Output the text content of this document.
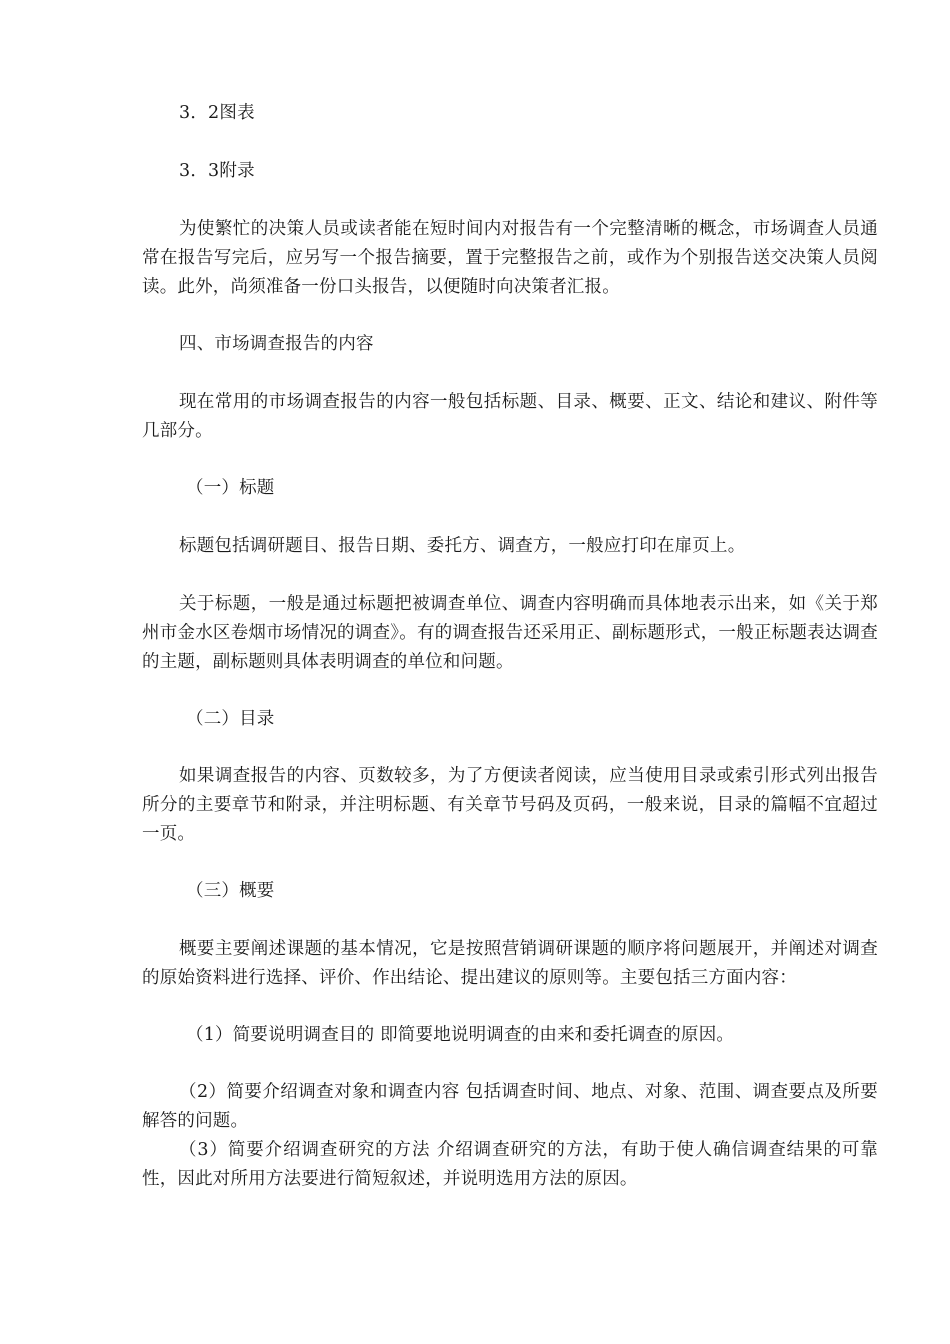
3．2图表

3．3附录

为使繁忙的决策人员或读者能在短时间内对报告有一个完整清晰的概念，市场调查人员通常在报告写完后，应另写一个报告摘要，置于完整报告之前，或作为个别报告送交决策人员阅读。此外，尚须准备一份口头报告，以便随时向决策者汇报。

四、市场调查报告的内容

现在常用的市场调查报告的内容一般包括标题、目录、概要、正文、结论和建议、附件等几部分。

（一）标题

标题包括调研题目、报告日期、委托方、调查方，一般应打印在扉页上。

关于标题，一般是通过标题把被调查单位、调查内容明确而具体地表示出来，如《关于郑州市金水区卷烟市场情况的调查》。有的调查报告还采用正、副标题形式，一般正标题表达调查的主题，副标题则具体表明调查的单位和问题。

（二）目录

如果调查报告的内容、页数较多，为了方便读者阅读，应当使用目录或索引形式列出报告所分的主要章节和附录，并注明标题、有关章节号码及页码，一般来说，目录的篇幅不宜超过一页。

（三）概要

概要主要阐述课题的基本情况，它是按照营销调研课题的顺序将问题展开，并阐述对调查的原始资料进行选择、评价、作出结论、提出建议的原则等。主要包括三方面内容：

（1）简要说明调查目的 即简要地说明调查的由来和委托调查的原因。

（2）简要介绍调查对象和调查内容 包括调查时间、地点、对象、范围、调查要点及所要解答的问题。

（3）简要介绍调查研究的方法 介绍调查研究的方法，有助于使人确信调查结果的可靠性，因此对所用方法要进行简短叙述，并说明选用方法的原因。
